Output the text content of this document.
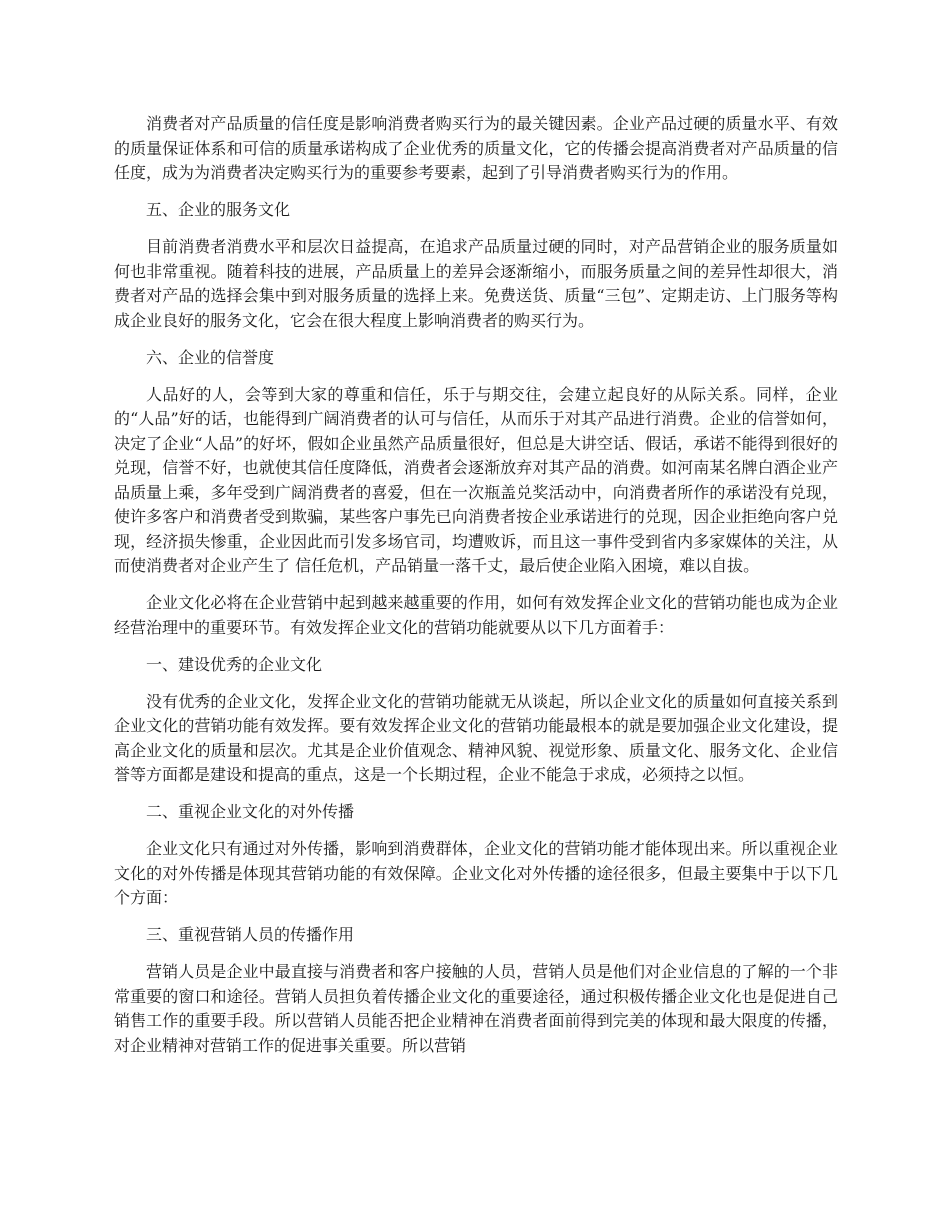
消费者对产品质量的信任度是影响消费者购买行为的最关键因素。企业产品过硬的质量水平、有效的质量保证体系和可信的质量承诺构成了企业优秀的质量文化，它的传播会提高消费者对产品质量的信任度，成为为消费者决定购买行为的重要参考要素，起到了引导消费者购买行为的作用。

五、企业的服务文化

目前消费者消费水平和层次日益提高，在追求产品质量过硬的同时，对产品营销企业的服务质量如何也非常重视。随着科技的进展，产品质量上的差异会逐渐缩小，而服务质量之间的差异性却很大，消费者对产品的选择会集中到对服务质量的选择上来。免费送货、质量“三包”、定期走访、上门服务等构成企业良好的服务文化，它会在很大程度上影响消费者的购买行为。

六、企业的信誉度

人品好的人，会等到大家的尊重和信任，乐于与期交往，会建立起良好的从际关系。同样，企业的“人品”好的话，也能得到广阔消费者的认可与信任，从而乐于对其产品进行消费。企业的信誉如何，决定了企业“人品”的好坏，假如企业虽然产品质量很好，但总是大讲空话、假话，承诺不能得到很好的兑现，信誉不好，也就使其信任度降低，消费者会逐渐放弃对其产品的消费。如河南某名牌白酒企业产品质量上乘，多年受到广阔消费者的喜爱，但在一次瓶盖兑奖活动中，向消费者所作的承诺没有兑现，使许多客户和消费者受到欺骗，某些客户事先已向消费者按企业承诺进行的兑现，因企业拒绝向客户兑现，经济损失惨重，企业因此而引发多场官司，均遭败诉，而且这一事件受到省内多家媒体的关注，从而使消费者对企业产生了 信任危机，产品销量一落千丈，最后使企业陷入困境，难以自拔。

企业文化必将在企业营销中起到越来越重要的作用，如何有效发挥企业文化的营销功能也成为企业经营治理中的重要环节。有效发挥企业文化的营销功能就要从以下几方面着手：

一、建设优秀的企业文化

没有优秀的企业文化，发挥企业文化的营销功能就无从谈起，所以企业文化的质量如何直接关系到企业文化的营销功能有效发挥。要有效发挥企业文化的营销功能最根本的就是要加强企业文化建设，提高企业文化的质量和层次。尤其是企业价值观念、精神风貌、视觉形象、质量文化、服务文化、企业信誉等方面都是建设和提高的重点，这是一个长期过程，企业不能急于求成，必须持之以恒。

二、重视企业文化的对外传播

企业文化只有通过对外传播，影响到消费群体，企业文化的营销功能才能体现出来。所以重视企业文化的对外传播是体现其营销功能的有效保障。企业文化对外传播的途径很多，但最主要集中于以下几个方面：

三、重视营销人员的传播作用

营销人员是企业中最直接与消费者和客户接触的人员，营销人员是他们对企业信息的了解的一个非常重要的窗口和途径。营销人员担负着传播企业文化的重要途径，通过积极传播企业文化也是促进自己销售工作的重要手段。所以营销人员能否把企业精神在消费者面前得到完美的体现和最大限度的传播，对企业精神对营销工作的促进事关重要。所以营销
